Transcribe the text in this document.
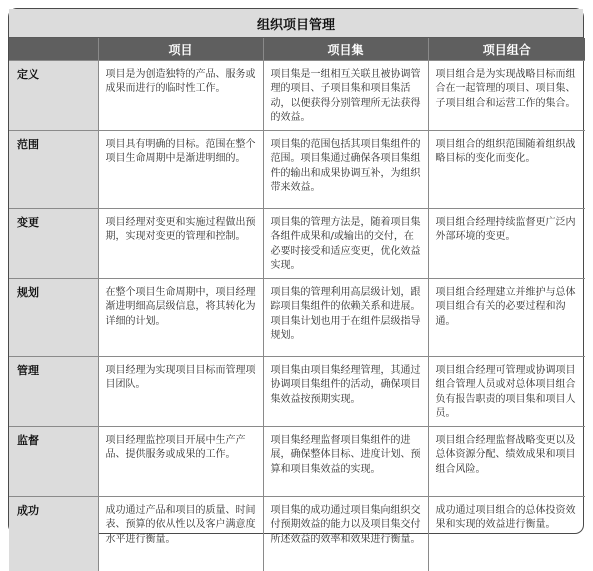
组织项目管理
	项目	项目集	项目组合
定义	项目是为创造独特的产品、服务或成果而进行的临时性工作。	项目集是一组相互关联且被协调管理的项目、子项目集和项目集活动，以便获得分别管理所无法获得的效益。	项目组合是为实现战略目标而组合在一起管理的项目、项目集、子项目组合和运营工作的集合。
范围	项目具有明确的目标。范围在整个项目生命周期中是渐进明细的。	项目集的范围包括其项目集组件的范围。项目集通过确保各项目集组件的输出和成果协调互补，为组织带来效益。	项目组合的组织范围随着组织战略目标的变化而变化。
变更	项目经理对变更和实施过程做出预期，实现对变更的管理和控制。	项目集的管理方法是，随着项目集各组件成果和/或输出的交付，在必要时接受和适应变更，优化效益实现。	项目组合经理持续监督更广泛内外部环境的变更。
规划	在整个项目生命周期中，项目经理渐进明细高层级信息，将其转化为详细的计划。	项目集的管理利用高层级计划，跟踪项目集组件的依赖关系和进展。项目集计划也用于在组件层级指导规划。	项目组合经理建立并维护与总体项目组合有关的必要过程和沟通。
管理	项目经理为实现项目目标而管理项目团队。	项目集由项目集经理管理，其通过协调项目集组件的活动，确保项目集效益按预期实现。	项目组合经理可管理或协调项目组合管理人员或对总体项目组合负有报告职责的项目集和项目人员。
监督	项目经理监控项目开展中生产产品、提供服务或成果的工作。	项目集经理监督项目集组件的进展，确保整体目标、进度计划、预算和项目集效益的实现。	项目组合经理监督战略变更以及总体资源分配、绩效成果和项目组合风险。
成功	成功通过产品和项目的质量、时间表、预算的依从性以及客户满意度水平进行衡量。	项目集的成功通过项目集向组织交付预期效益的能力以及项目集交付所述效益的效率和效果进行衡量。	成功通过项目组合的总体投资效果和实现的效益进行衡量。
